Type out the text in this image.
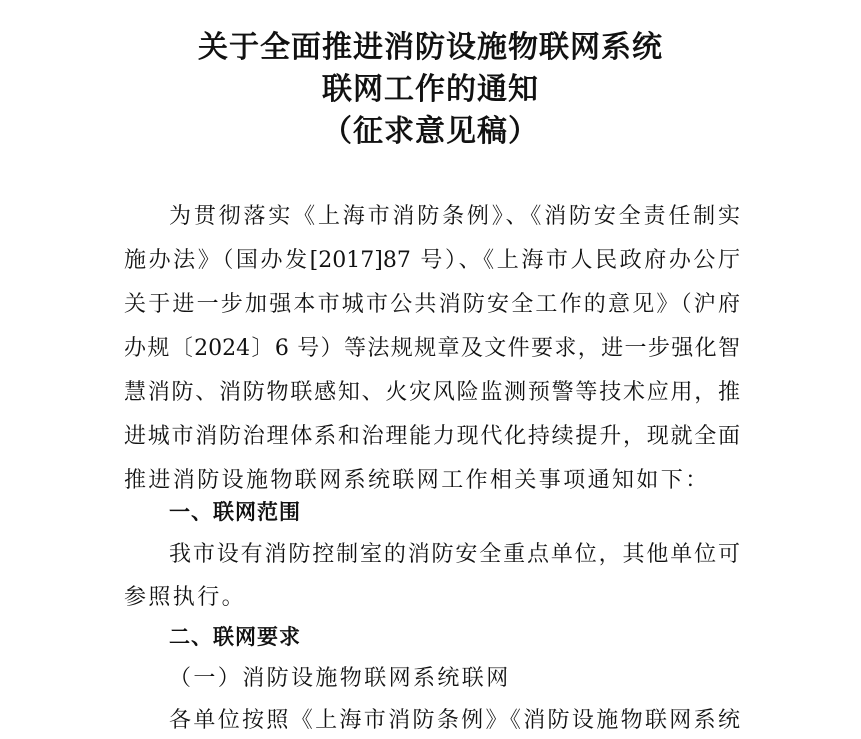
关于全面推进消防设施物联网系统
联网工作的通知
（征求意见稿）
为贯彻落实《上海市消防条例》、《消防安全责任制实
施办法》（国办发[2017]87 号）、《上海市人民政府办公厅
关于进一步加强本市城市公共消防安全工作的意见》（沪府
办规〔2024〕6 号）等法规规章及文件要求，进一步强化智
慧消防、消防物联感知、火灾风险监测预警等技术应用，推
进城市消防治理体系和治理能力现代化持续提升，现就全面
推进消防设施物联网系统联网工作相关事项通知如下：
一、联网范围
我市设有消防控制室的消防安全重点单位，其他单位可
参照执行。
二、联网要求
（一）消防设施物联网系统联网
各单位按照《上海市消防条例》《消防设施物联网系统
